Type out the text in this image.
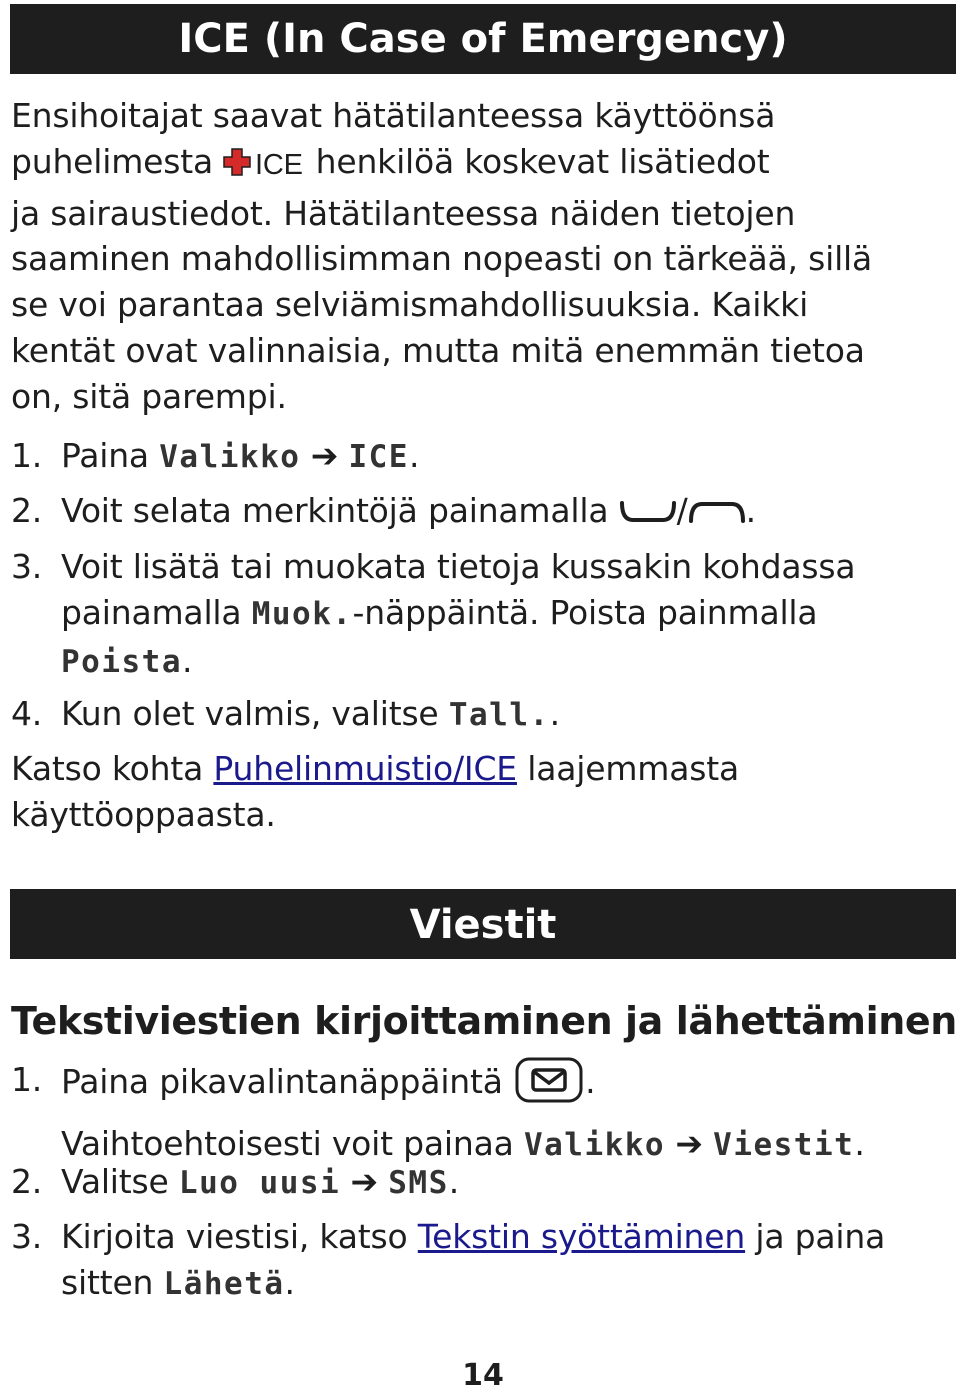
ICE (In Case of Emergency)
Ensihoitajat saavat hätätilanteessa käyttöönsä
puhelimesta ICE henkilöä koskevat lisätiedot
ja sairaustiedot. Hätätilanteessa näiden tietojen
saaminen mahdollisimman nopeasti on tärkeää, sillä
se voi parantaa selviämismahdollisuuksia. Kaikki
kentät ovat valinnaisia, mutta mitä enemmän tietoa
on, sitä parempi.
1. Paina Valikko ➔ ICE.
2. Voit selata merkintöjä painamalla / .
3. Voit lisätä tai muokata tietoja kussakin kohdassa
painamalla Muok.-näppäintä. Poista painmalla
Poista.
4. Kun olet valmis, valitse Tall..
Katso kohta Puhelinmuistio/ICE laajemmasta
käyttöoppaasta.
Viestit
Tekstiviestien kirjoittaminen ja lähettäminen
1. Paina pikavalintanäppäintä .
Vaihtoehtoisesti voit painaa Valikko ➔ Viestit.
2. Valitse Luo uusi ➔ SMS.
3. Kirjoita viestisi, katso Tekstin syöttäminen ja paina
sitten Lähetä.
14
